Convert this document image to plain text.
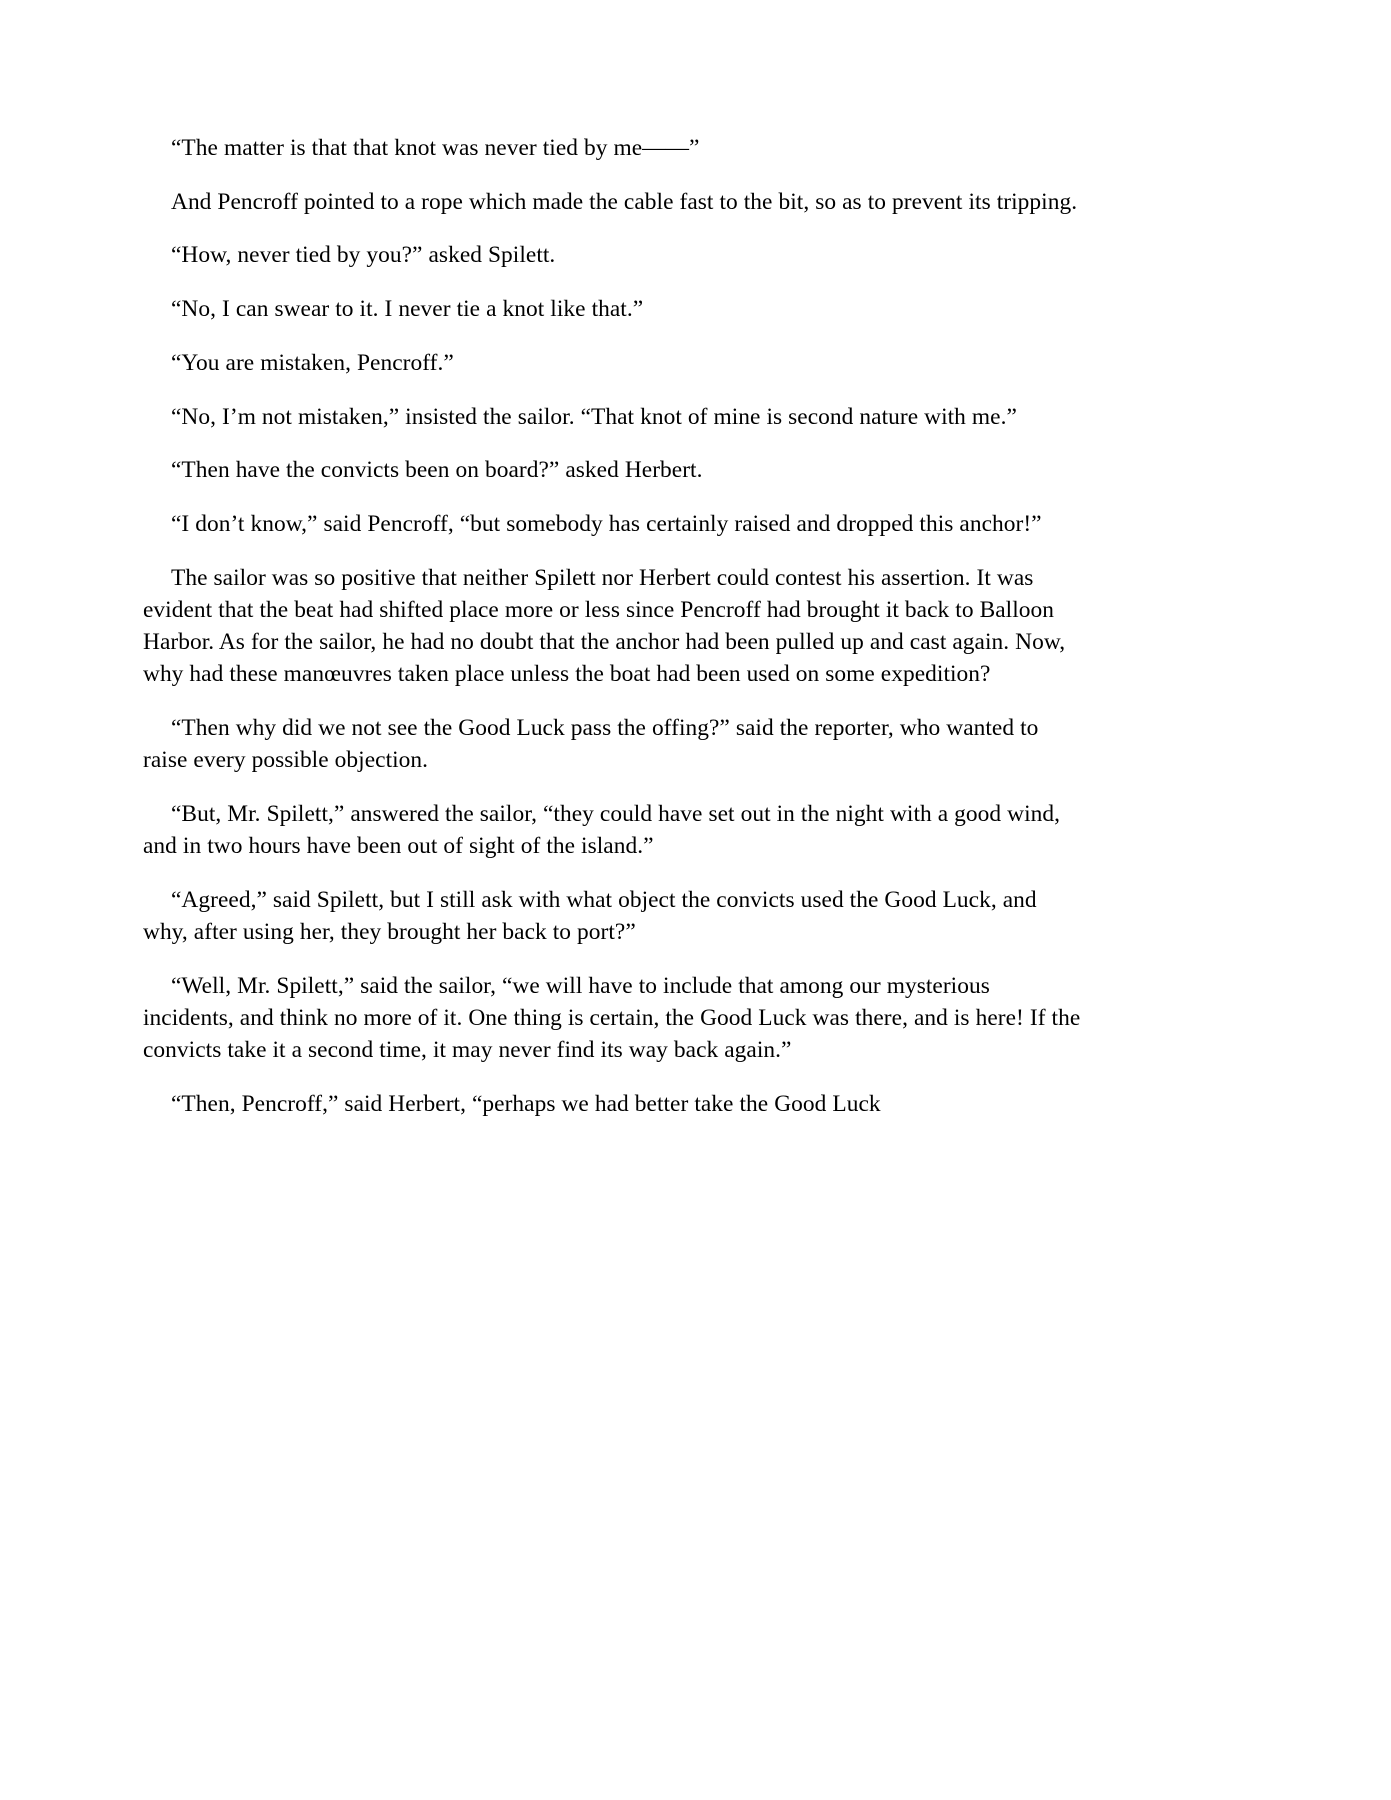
“The matter is that that knot was never tied by me——”

And Pencroff pointed to a rope which made the cable fast to the bit, so as to prevent its tripping.

“How, never tied by you?” asked Spilett.

“No, I can swear to it. I never tie a knot like that.”

“You are mistaken, Pencroff.”

“No, I’m not mistaken,” insisted the sailor. “That knot of mine is second nature with me.”

“Then have the convicts been on board?” asked Herbert.

“I don’t know,” said Pencroff, “but somebody has certainly raised and dropped this anchor!”

The sailor was so positive that neither Spilett nor Herbert could contest his assertion. It was evident that the beat had shifted place more or less since Pencroff had brought it back to Balloon Harbor. As for the sailor, he had no doubt that the anchor had been pulled up and cast again. Now, why had these manœuvres taken place unless the boat had been used on some expedition?

“Then why did we not see the Good Luck pass the offing?” said the reporter, who wanted to raise every possible objection.

“But, Mr. Spilett,” answered the sailor, “they could have set out in the night with a good wind, and in two hours have been out of sight of the island.”

“Agreed,” said Spilett, but I still ask with what object the convicts used the Good Luck, and why, after using her, they brought her back to port?”

“Well, Mr. Spilett,” said the sailor, “we will have to include that among our mysterious incidents, and think no more of it. One thing is certain, the Good Luck was there, and is here! If the convicts take it a second time, it may never find its way back again.”

“Then, Pencroff,” said Herbert, “perhaps we had better take the Good Luck
